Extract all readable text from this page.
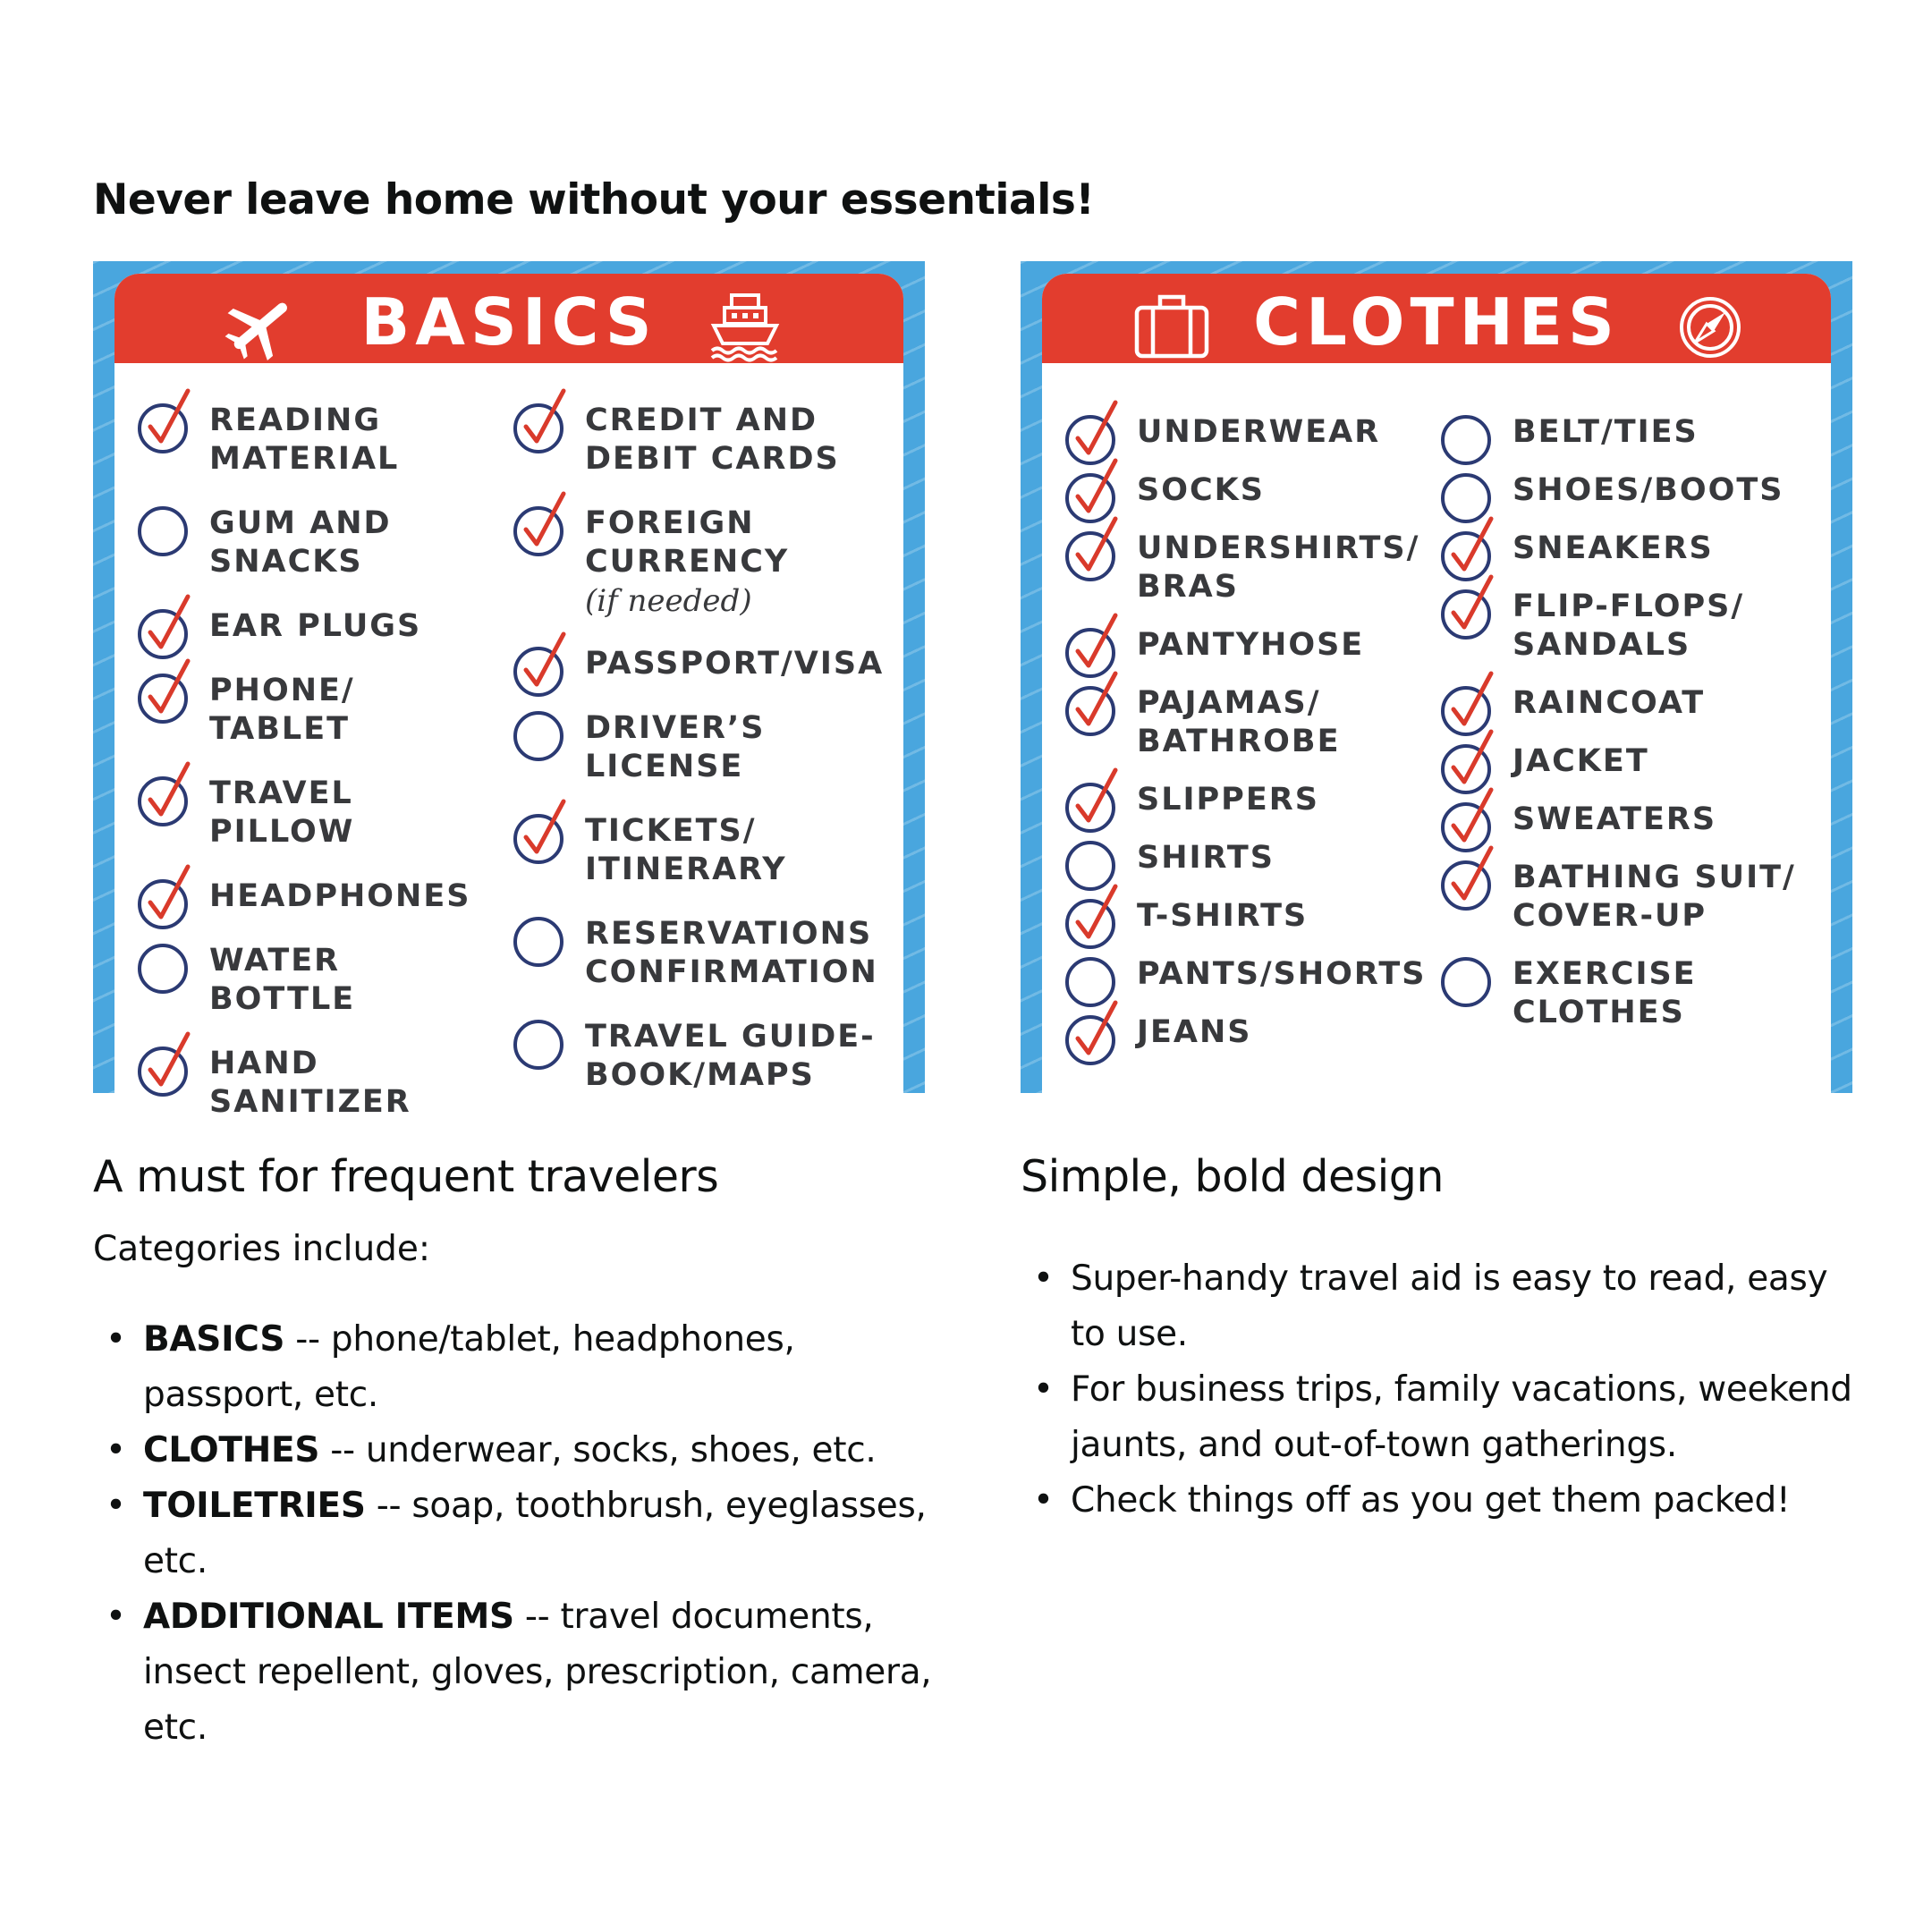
Never leave home without your essentials!
BASICS
READING
MATERIAL
GUM AND
SNACKS
EAR PLUGS
PHONE/
TABLET
TRAVEL
PILLOW
HEADPHONES
WATER
BOTTLE
HAND
SANITIZER
CREDIT AND
DEBIT CARDS
FOREIGN
CURRENCY
(if needed)
PASSPORT/VISA
DRIVER’S
LICENSE
TICKETS/
ITINERARY
RESERVATIONS
CONFIRMATION
TRAVEL GUIDE-
BOOK/MAPS
CLOTHES
UNDERWEAR
SOCKS
UNDERSHIRTS/
BRAS
PANTYHOSE
PAJAMAS/
BATHROBE
SLIPPERS
SHIRTS
T-SHIRTS
PANTS/SHORTS
JEANS
BELT/TIES
SHOES/BOOTS
SNEAKERS
FLIP-FLOPS/
SANDALS
RAINCOAT
JACKET
SWEATERS
BATHING SUIT/
COVER-UP
EXERCISE
CLOTHES
A must for frequent travelers

Categories include:

• BASICS -- phone/tablet, headphones, passport, etc.
• CLOTHES -- underwear, socks, shoes, etc.
• TOILETRIES -- soap, toothbrush, eyeglasses, etc.
• ADDITIONAL ITEMS -- travel documents, insect repellent, gloves, prescription, camera, etc.
Simple, bold design
• Super-handy travel aid is easy to read, easy to use.
• For business trips, family vacations, weekend jaunts, and out-of-town gatherings.
• Check things off as you get them packed!
